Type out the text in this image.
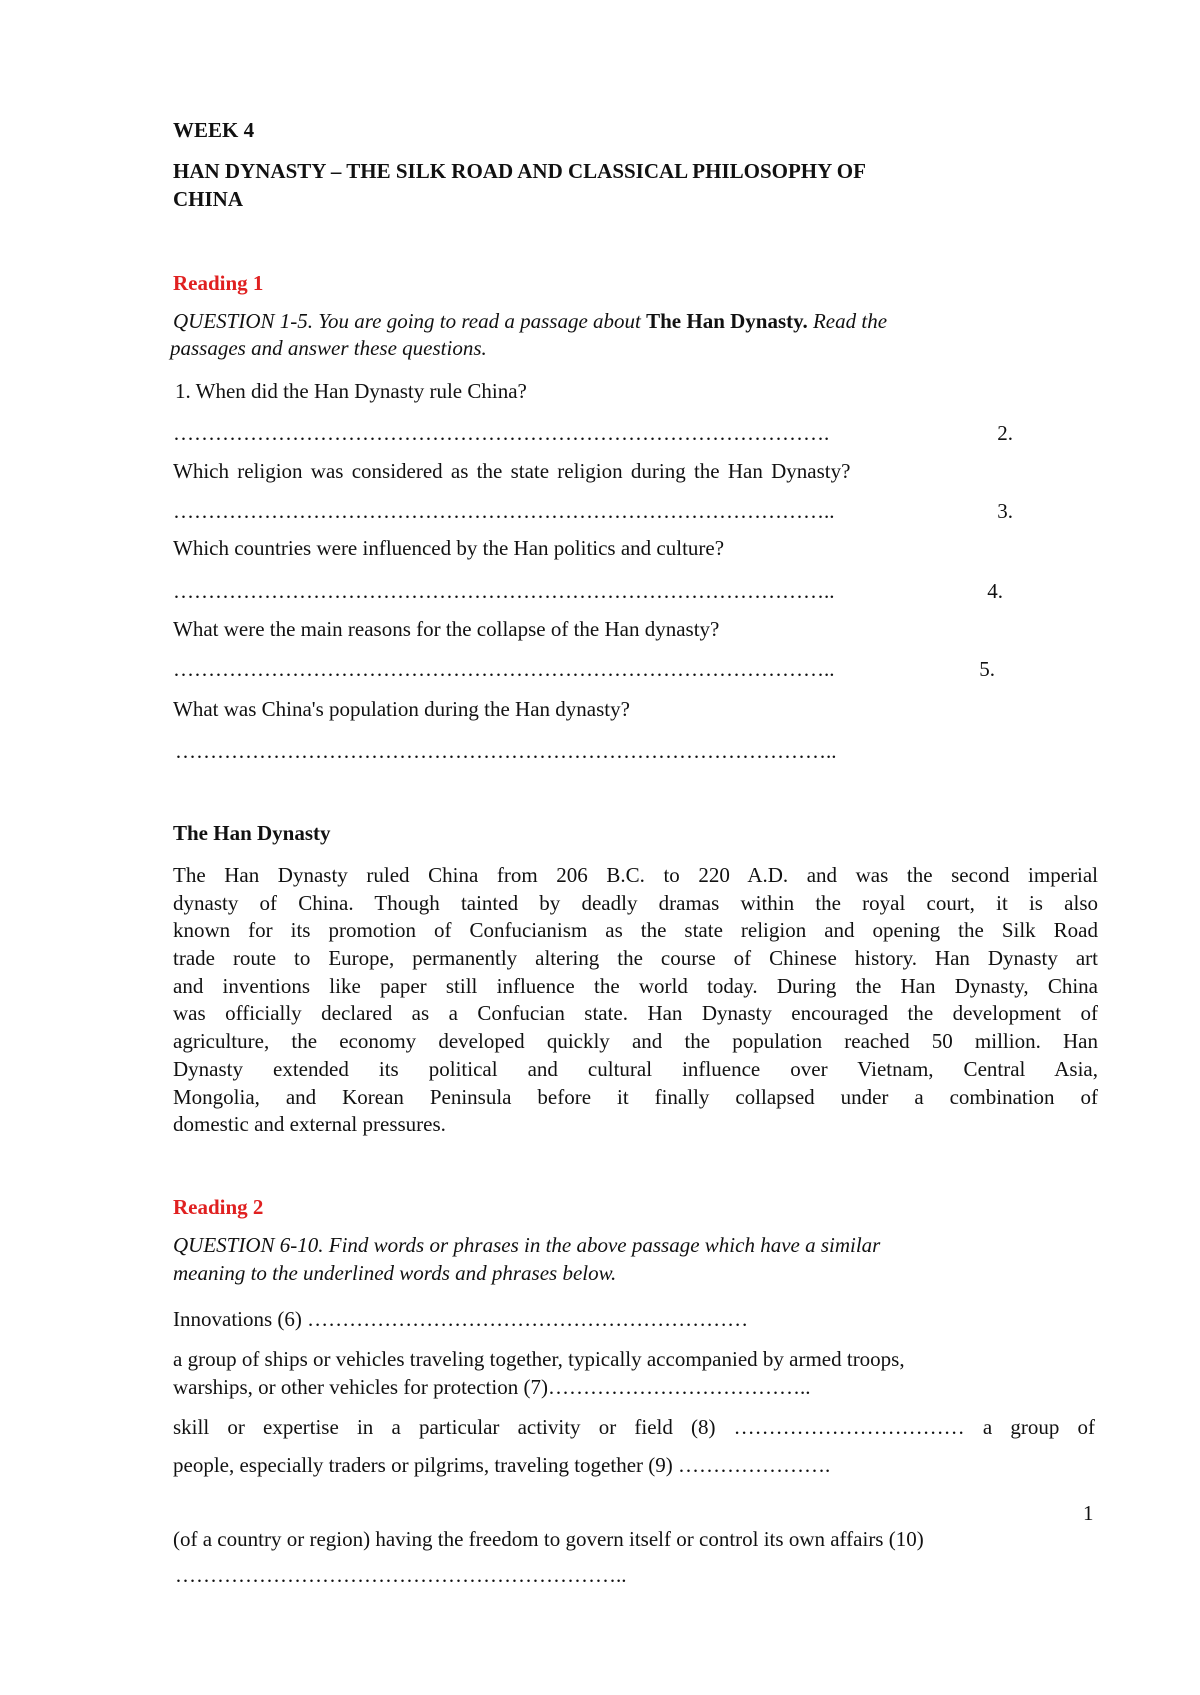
WEEK 4
HAN DYNASTY – THE SILK ROAD AND CLASSICAL PHILOSOPHY OF
CHINA
Reading 1
QUESTION 1-5. You are going to read a passage about The Han Dynasty. Read the
passages and answer these questions.
1. When did the Han Dynasty rule China?
………………………………………………………………………………….	2.
Which religion was considered as the state religion during the Han Dynasty?
…………………………………………………………………………………..	3.
Which countries were influenced by the Han politics and culture?
…………………………………………………………………………………..	4.
What were the main reasons for the collapse of the Han dynasty?
…………………………………………………………………………………..	5.
What was China's population during the Han dynasty?
…………………………………………………………………………………..
The Han Dynasty
The Han Dynasty ruled China from 206 B.C. to 220 A.D. and was the second imperial
dynasty of China. Though tainted by deadly dramas within the royal court, it is also
known for its promotion of Confucianism as the state religion and opening the Silk Road
trade route to Europe, permanently altering the course of Chinese history. Han Dynasty art
and inventions like paper still influence the world today. During the Han Dynasty, China
was officially declared as a Confucian state. Han Dynasty encouraged the development of
agriculture, the economy developed quickly and the population reached 50 million. Han
Dynasty extended its political and cultural influence over Vietnam, Central Asia,
Mongolia, and Korean Peninsula before it finally collapsed under a combination of
domestic and external pressures.
Reading 2
QUESTION 6-10. Find words or phrases in the above passage which have a similar
meaning to the underlined words and phrases below.
Innovations (6) ………………………………………………………
a group of ships or vehicles traveling together, typically accompanied by armed troops,
warships, or other vehicles for protection (7)………………………………..
skill or expertise in a particular activity or field (8) …………………………… a group of
people, especially traders or pilgrims, traveling together (9) ………………….
1
(of a country or region) having the freedom to govern itself or control its own affairs (10)
………………………………………………………..
